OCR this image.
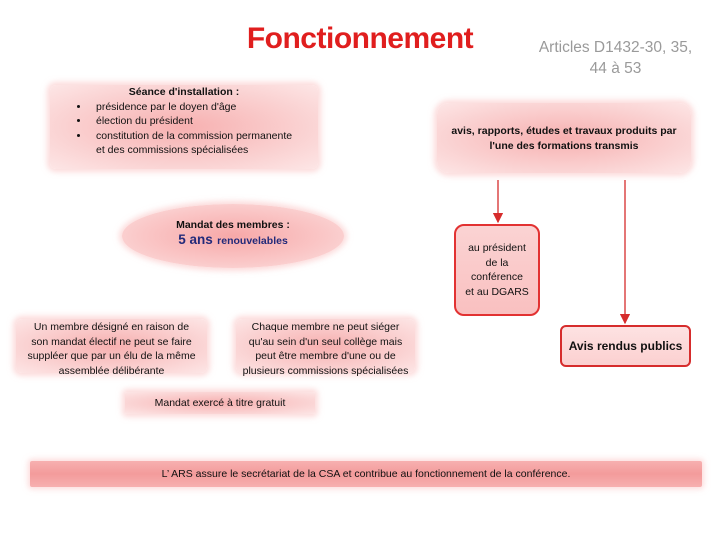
Fonctionnement	Articles D1432-30, 35,
44 à 53
Séance d'installation :
• présidence par le doyen d'âge
• élection du président
• constitution de la commission permanente
et des commissions spécialisées
Mandat des membres :
5 ans renouvelables
Un membre désigné en raison de
son mandat électif ne peut se faire
suppléer que par un élu de la même
assemblée délibérante
Chaque membre ne peut siéger
qu'au sein d'un seul collège mais
peut être membre d'une ou de
plusieurs commissions spécialisées
Mandat exercé à titre gratuit
avis, rapports, études et travaux produits par
l'une des formations transmis
au président
de la
conférence
et au DGARS
Avis rendus publics
L’ ARS assure le secrétariat de la CSA et contribue au fonctionnement de la conférence.
